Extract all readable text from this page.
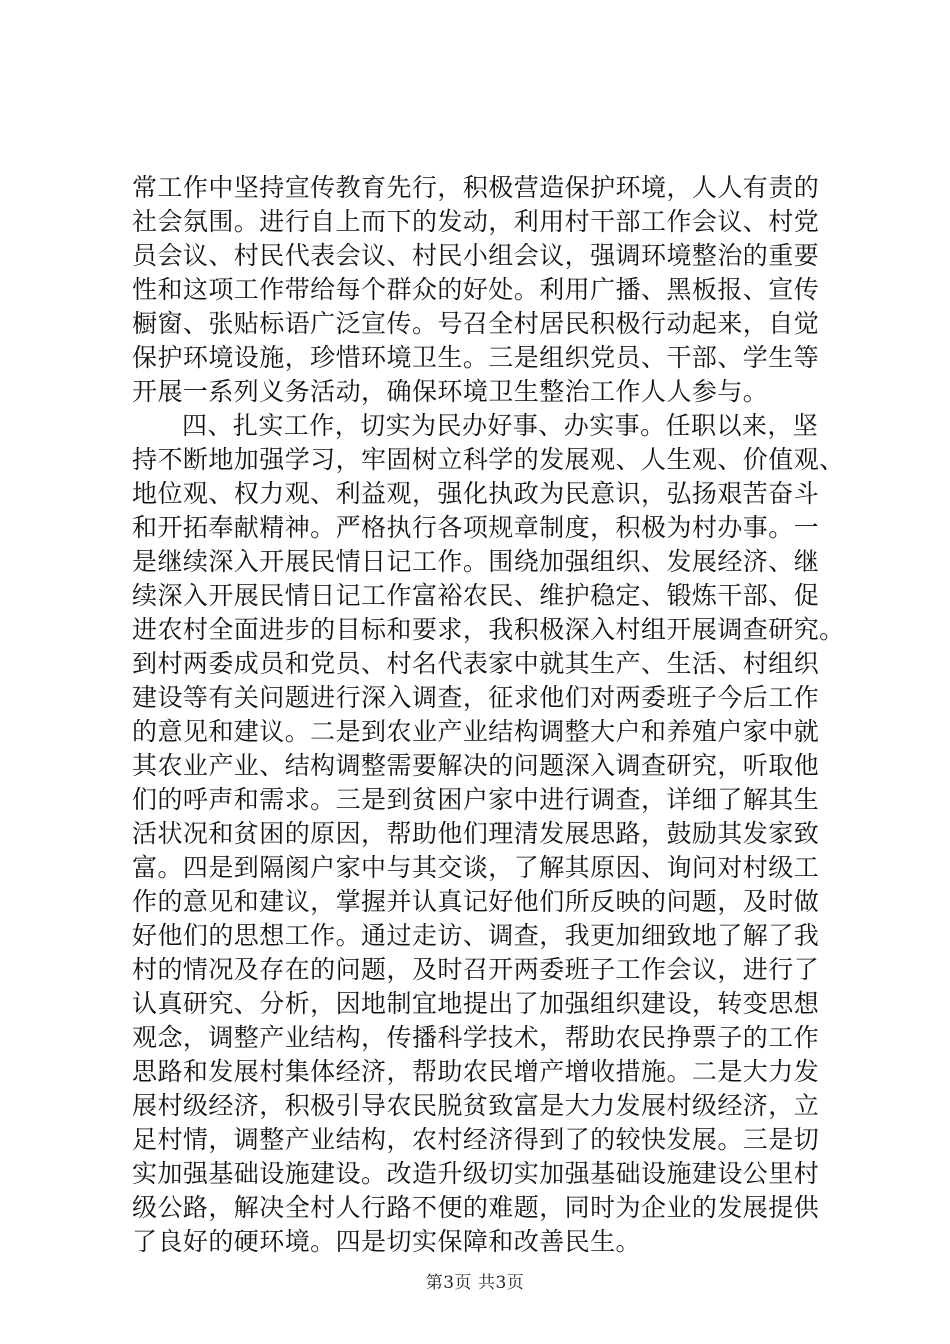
常工作中坚持宣传教育先行，积极营造保护环境，人人有责的
社会氛围。进行自上而下的发动，利用村干部工作会议、村党
员会议、村民代表会议、村民小组会议，强调环境整治的重要
性和这项工作带给每个群众的好处。利用广播、黑板报、宣传
橱窗、张贴标语广泛宣传。号召全村居民积极行动起来，自觉
保护环境设施，珍惜环境卫生。三是组织党员、干部、学生等
开展一系列义务活动，确保环境卫生整治工作人人参与。
四、扎实工作，切实为民办好事、办实事。任职以来，坚
持不断地加强学习，牢固树立科学的发展观、人生观、价值观、
地位观、权力观、利益观，强化执政为民意识，弘扬艰苦奋斗
和开拓奉献精神。严格执行各项规章制度，积极为村办事。一
是继续深入开展民情日记工作。围绕加强组织、发展经济、继
续深入开展民情日记工作富裕农民、维护稳定、锻炼干部、促
进农村全面进步的目标和要求，我积极深入村组开展调查研究。
到村两委成员和党员、村名代表家中就其生产、生活、村组织
建设等有关问题进行深入调查，征求他们对两委班子今后工作
的意见和建议。二是到农业产业结构调整大户和养殖户家中就
其农业产业、结构调整需要解决的问题深入调查研究，听取他
们的呼声和需求。三是到贫困户家中进行调查，详细了解其生
活状况和贫困的原因，帮助他们理清发展思路，鼓励其发家致
富。四是到隔阂户家中与其交谈，了解其原因、询问对村级工
作的意见和建议，掌握并认真记好他们所反映的问题，及时做
好他们的思想工作。通过走访、调查，我更加细致地了解了我
村的情况及存在的问题，及时召开两委班子工作会议，进行了
认真研究、分析，因地制宜地提出了加强组织建设，转变思想
观念，调整产业结构，传播科学技术，帮助农民挣票子的工作
思路和发展村集体经济，帮助农民增产增收措施。二是大力发
展村级经济，积极引导农民脱贫致富是大力发展村级经济，立
足村情，调整产业结构，农村经济得到了的较快发展。三是切
实加强基础设施建设。改造升级切实加强基础设施建设公里村
级公路，解决全村人行路不便的难题，同时为企业的发展提供
了良好的硬环境。四是切实保障和改善民生。
第3页 共3页
